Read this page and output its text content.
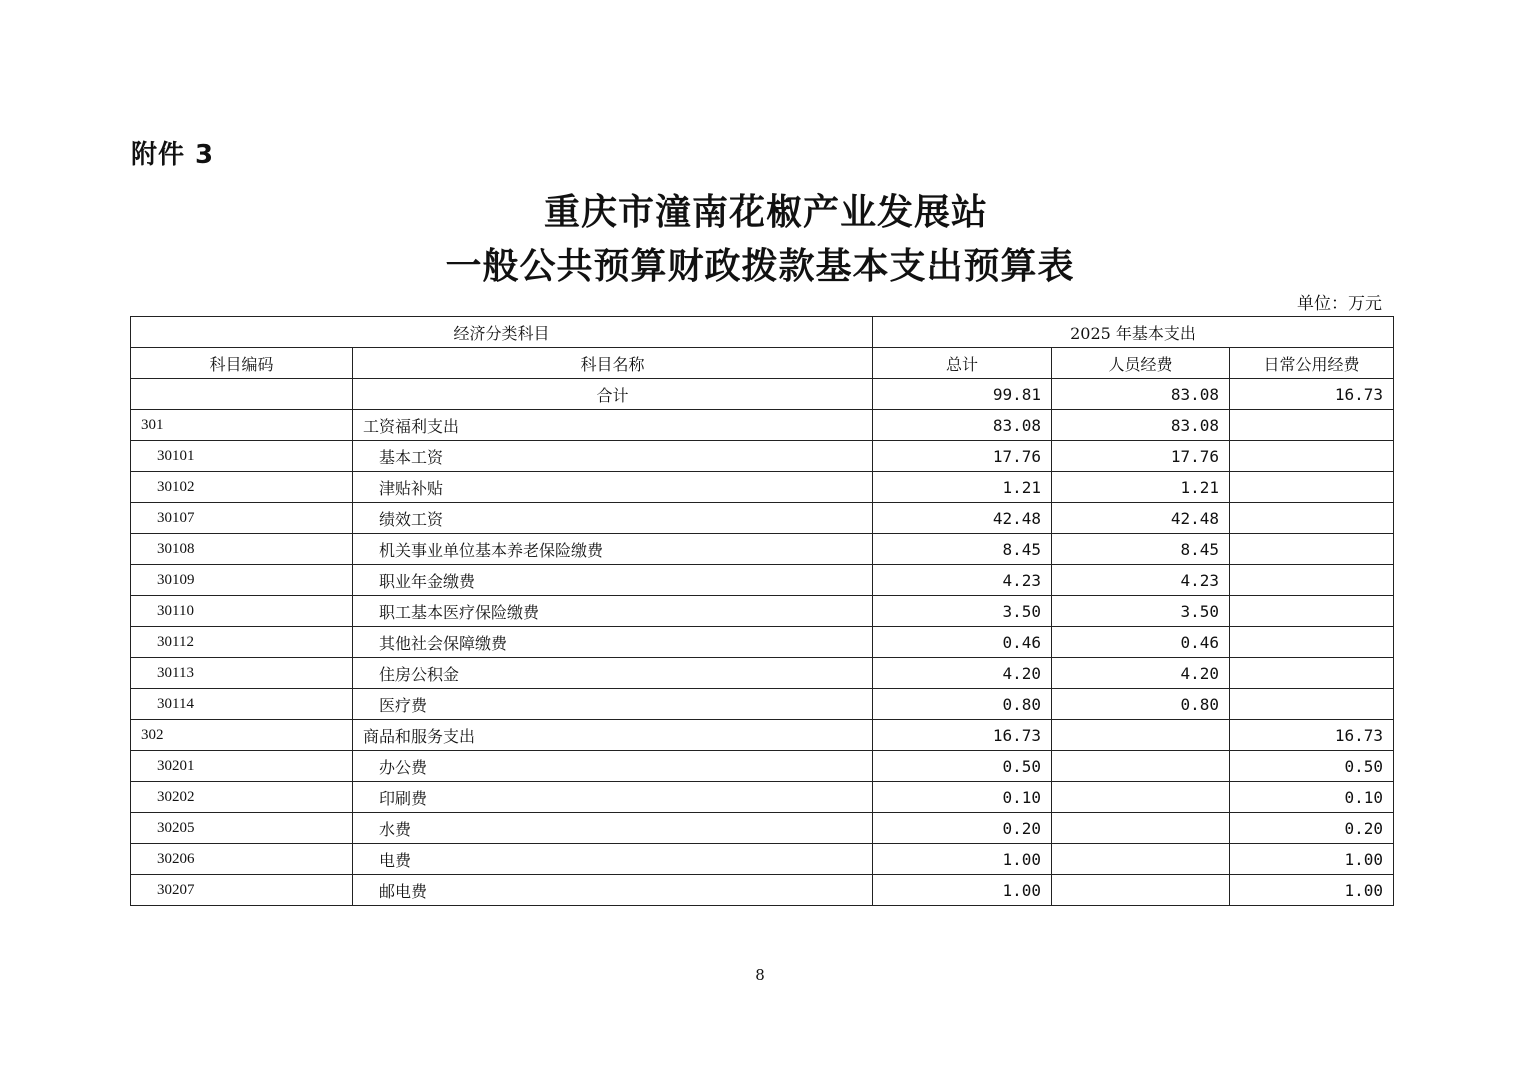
附件 3
重庆市潼南花椒产业发展站
一般公共预算财政拨款基本支出预算表
单位：万元
经济分类科目		2025 年基本支出		
科目编码	科目名称	总计	人员经费	日常公用经费
	合计	99.81	83.08	16.73
301	工资福利支出	83.08	83.08	
30101	基本工资	17.76	17.76	
30102	津贴补贴	1.21	1.21	
30107	绩效工资	42.48	42.48	
30108	机关事业单位基本养老保险缴费	8.45	8.45	
30109	职业年金缴费	4.23	4.23	
30110	职工基本医疗保险缴费	3.50	3.50	
30112	其他社会保障缴费	0.46	0.46	
30113	住房公积金	4.20	4.20	
30114	医疗费	0.80	0.80	
302	商品和服务支出	16.73		16.73
30201	办公费	0.50		0.50
30202	印刷费	0.10		0.10
30205	水费	0.20		0.20
30206	电费	1.00		1.00
30207	邮电费	1.00		1.00
8
